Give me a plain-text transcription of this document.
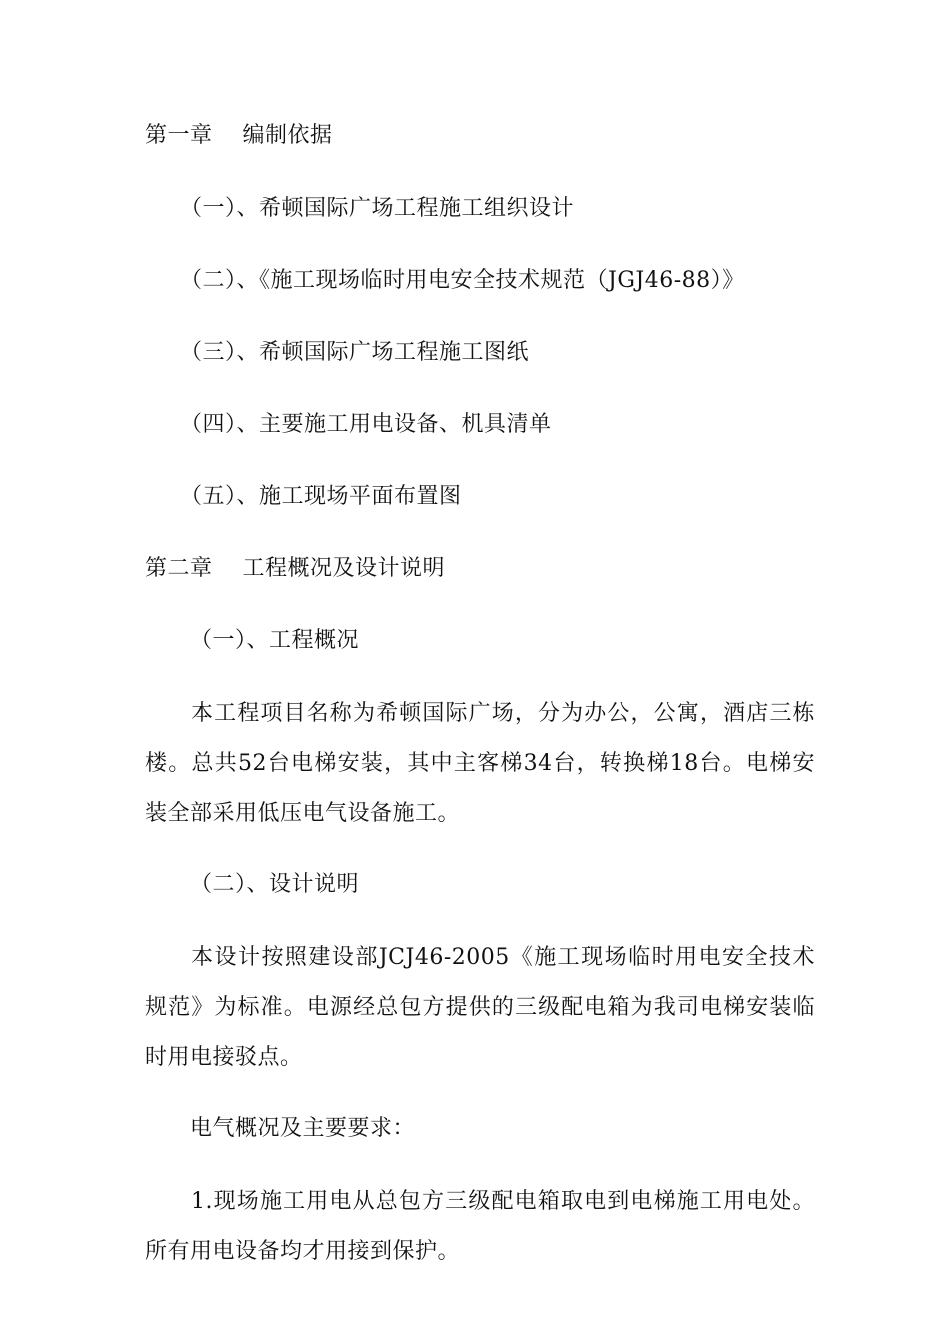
第一章　 编制依据
（一）、希顿国际广场工程施工组织设计
（二）、《施工现场临时用电安全技术规范（JGJ46-88）》
（三）、希顿国际广场工程施工图纸
（四）、主要施工用电设备、机具清单
（五）、施工现场平面布置图
第二章　 工程概况及设计说明
（一）、工程概况
本工程项目名称为希顿国际广场，分为办公，公寓，酒店三栋楼。总共52台电梯安装，其中主客梯34台，转换梯18台。电梯安装全部采用低压电气设备施工。
（二）、设计说明
本设计按照建设部JCJ46-2005《施工现场临时用电安全技术规范》为标准。电源经总包方提供的三级配电箱为我司电梯安装临时用电接驳点。
电气概况及主要要求：
1.现场施工用电从总包方三级配电箱取电到电梯施工用电处。所有用电设备均才用接到保护。
